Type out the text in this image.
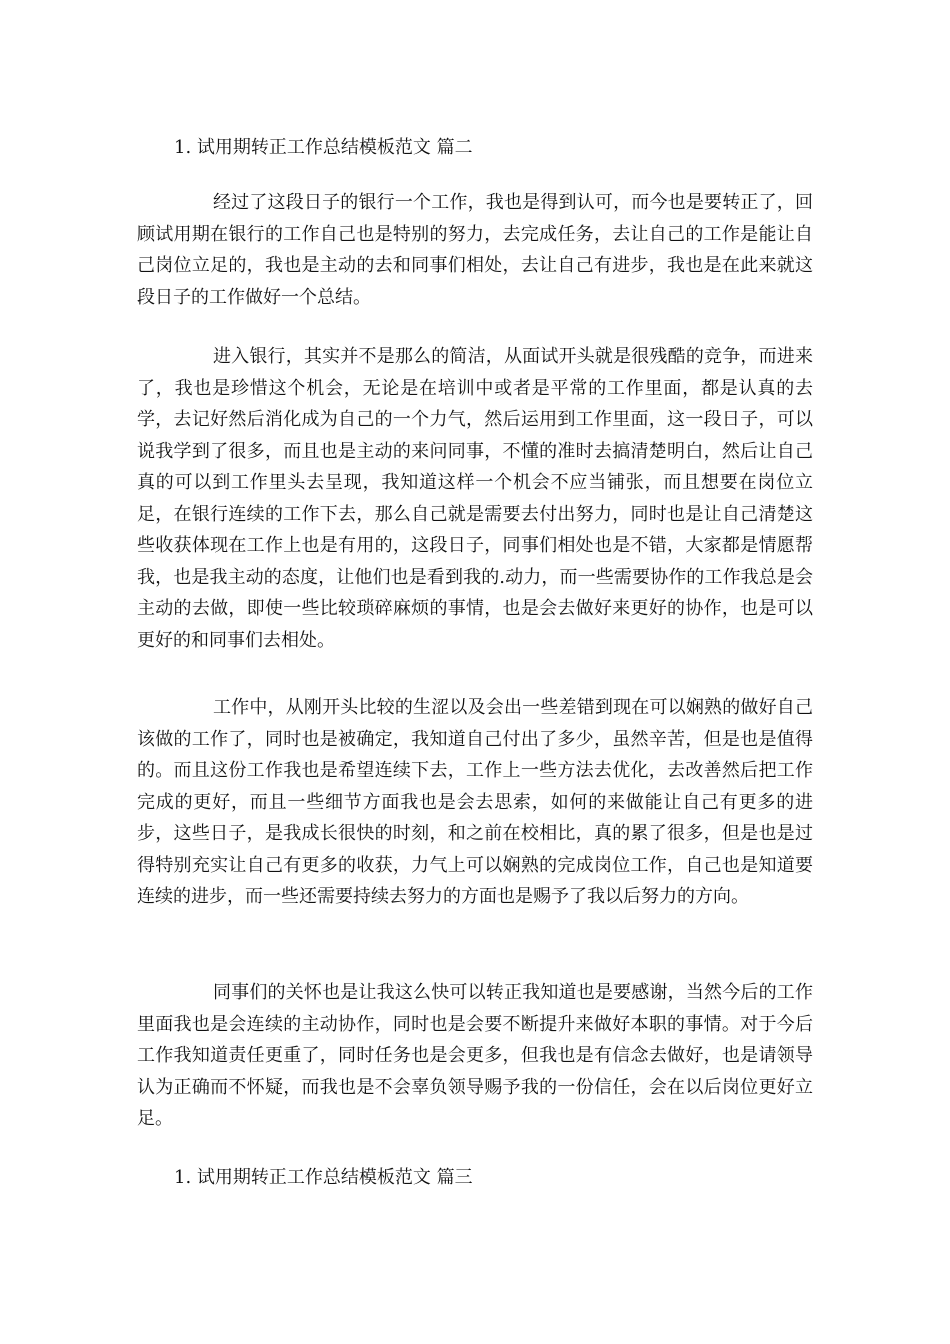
1. 试用期转正工作总结模板范文 篇二

经过了这段日子的银行一个工作，我也是得到认可，而今也是要转正了，回顾试用期在银行的工作自己也是特别的努力，去完成任务，去让自己的工作是能让自己岗位立足的，我也是主动的去和同事们相处，去让自己有进步，我也是在此来就这段日子的工作做好一个总结。

进入银行，其实并不是那么的简洁，从面试开头就是很残酷的竞争，而进来了，我也是珍惜这个机会，无论是在培训中或者是平常的工作里面，都是认真的去学，去记好然后消化成为自己的一个力气，然后运用到工作里面，这一段日子，可以说我学到了很多，而且也是主动的来问同事，不懂的准时去搞清楚明白，然后让自己真的可以到工作里头去呈现，我知道这样一个机会不应当铺张，而且想要在岗位立足，在银行连续的工作下去，那么自己就是需要去付出努力，同时也是让自己清楚这些收获体现在工作上也是有用的，这段日子，同事们相处也是不错，大家都是情愿帮我，也是我主动的态度，让他们也是看到我的.动力，而一些需要协作的工作我总是会主动的去做，即使一些比较琐碎麻烦的事情，也是会去做好来更好的协作，也是可以更好的和同事们去相处。

工作中，从刚开头比较的生涩以及会出一些差错到现在可以娴熟的做好自己该做的工作了，同时也是被确定，我知道自己付出了多少，虽然辛苦，但是也是值得的。而且这份工作我也是希望连续下去，工作上一些方法去优化，去改善然后把工作完成的更好，而且一些细节方面我也是会去思索，如何的来做能让自己有更多的进步，这些日子，是我成长很快的时刻，和之前在校相比，真的累了很多，但是也是过得特别充实让自己有更多的收获，力气上可以娴熟的完成岗位工作，自己也是知道要连续的进步，而一些还需要持续去努力的方面也是赐予了我以后努力的方向。

同事们的关怀也是让我这么快可以转正我知道也是要感谢，当然今后的工作里面我也是会连续的主动协作，同时也是会要不断提升来做好本职的事情。对于今后工作我知道责任更重了，同时任务也是会更多，但我也是有信念去做好，也是请领导认为正确而不怀疑，而我也是不会辜负领导赐予我的一份信任，会在以后岗位更好立足。

1. 试用期转正工作总结模板范文 篇三
